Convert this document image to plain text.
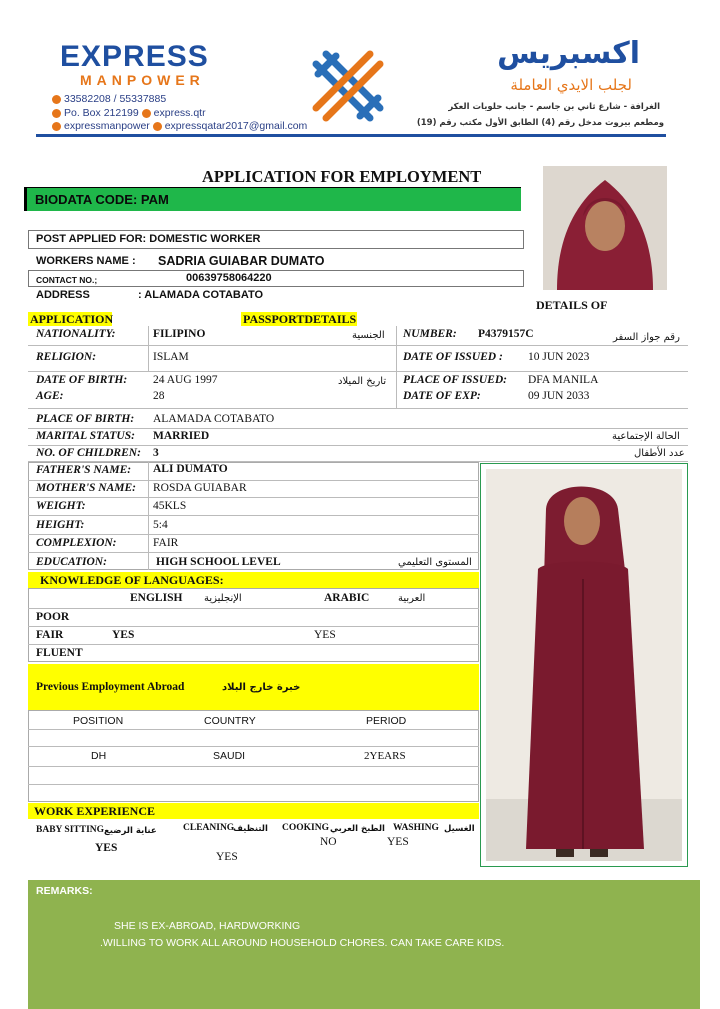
EXPRESS
MANPOWER
33582208 / 55337885
Po. Box 212199 express.qtr
expressmanpower expressqatar2017@gmail.com
اكسبريس
لجلب الايدي العاملة
الغرافة - شارع ثاني بن جاسم - جانب حلويات العكر
ومطعم بيروت مدخل رقم (4) الطابق الأول مكتب رقم (19)
APPLICATION FOR EMPLOYMENT
BIODATA CODE: PAM
POST APPLIED FOR: DOMESTIC WORKER
WORKERS NAME : SADRIA GUIABAR DUMATO
CONTACT NO.;	00639758064220
ADDRESS	: ALAMADA COTABATO
DETAILS OF
APPLICATION	PASSPORTDETAILS
NATIONALITY:	FILIPINO	الجنسية NUMBER: P4379157C	رقم جواز السفر
RELIGION:	ISLAM	DATE OF ISSUED : 10 JUN 2023
DATE OF BIRTH: 24 AUG 1997	تاريخ الميلاد PLACE OF ISSUED: DFA MANILA
AGE:	28	DATE OF EXP:	09 JUN 2033
PLACE OF BIRTH: ALAMADA COTABATO
MARITAL STATUS: MARRIED	الحالة الإجتماعية
NO. OF CHILDREN: 3	عدد الأطفال
FATHER'S NAME: ALI DUMATO
MOTHER'S NAME: ROSDA GUIABAR
WEIGHT:	45KLS
HEIGHT:	5:4
COMPLEXION:	FAIR
EDUCATION:	HIGH SCHOOL LEVEL	المستوى التعليمي
KNOWLEDGE OF LANGUAGES:
ENGLISH الإنجليزية	ARABIC	العربية
POOR
FAIR	YES	YES
FLUENT
Previous Employment Abroad	خبرة خارج البلاد
POSITION	COUNTRY	PERIOD
DH	SAUDI	2YEARS
WORK EXPERIENCE
BABY SITTING عناية الرضيع
YES
CLEANING
التنظيف
YES
COOKING الطبخ العربي
NO
WASHING الغسيل
YES
REMARKS:
SHE IS EX-ABROAD, HARDWORKING
.WILLING TO WORK ALL AROUND HOUSEHOLD CHORES. CAN TAKE CARE KIDS.
